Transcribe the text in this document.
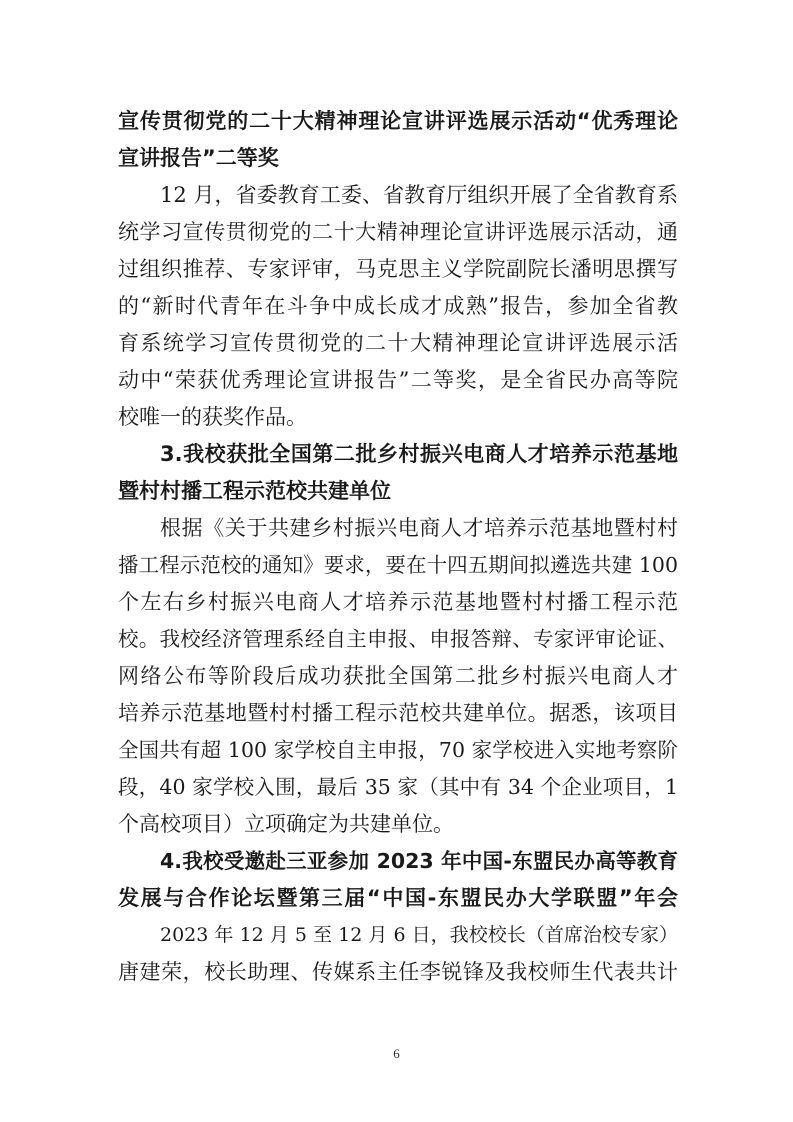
宣传贯彻党的二十大精神理论宣讲评选展示活动“优秀理论
宣讲报告”二等奖
12 月，省委教育工委、省教育厅组织开展了全省教育系
统学习宣传贯彻党的二十大精神理论宣讲评选展示活动，通
过组织推荐、专家评审，马克思主义学院副院长潘明思撰写
的“新时代青年在斗争中成长成才成熟”报告，参加全省教
育系统学习宣传贯彻党的二十大精神理论宣讲评选展示活
动中“荣获优秀理论宣讲报告”二等奖，是全省民办高等院
校唯一的获奖作品。
3.我校获批全国第二批乡村振兴电商人才培养示范基地
暨村村播工程示范校共建单位
根据《关于共建乡村振兴电商人才培养示范基地暨村村
播工程示范校的通知》要求，要在十四五期间拟遴选共建 100
个左右乡村振兴电商人才培养示范基地暨村村播工程示范
校。我校经济管理系经自主申报、申报答辩、专家评审论证、
网络公布等阶段后成功获批全国第二批乡村振兴电商人才
培养示范基地暨村村播工程示范校共建单位。据悉，该项目
全国共有超 100 家学校自主申报，70 家学校进入实地考察阶
段，40 家学校入围，最后 35 家（其中有 34 个企业项目，1
个高校项目）立项确定为共建单位。
4.我校受邀赴三亚参加 2023 年中国-东盟民办高等教育
发展与合作论坛暨第三届“中国-东盟民办大学联盟”年会
2023 年 12 月 5 至 12 月 6 日，我校校长（首席治校专家）
唐建荣，校长助理、传媒系主任李锐锋及我校师生代表共计
6
